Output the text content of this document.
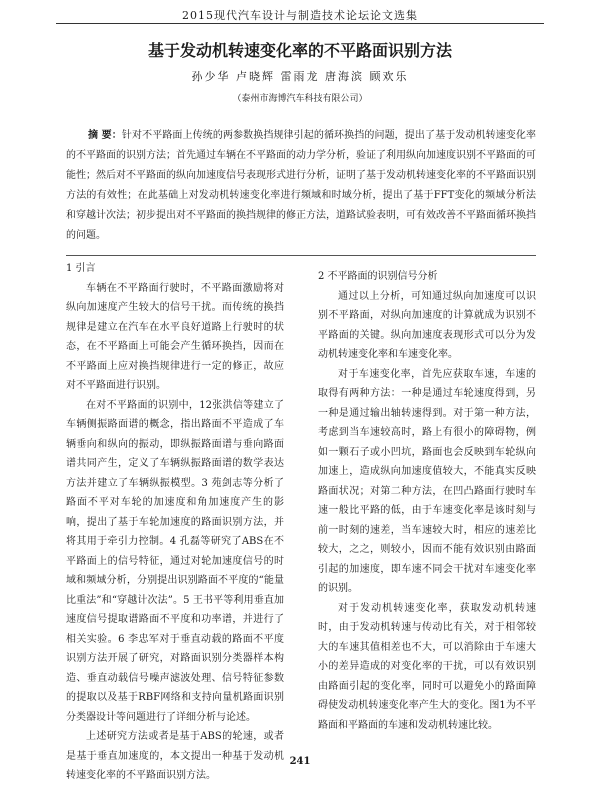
2015现代汽车设计与制造技术论坛论文选集
基于发动机转速变化率的不平路面识别方法
孙少华 卢晓辉 雷雨龙 唐海滨 顾欢乐
（泰州市海博汽车科技有限公司）
摘 要：针对不平路面上传统的两参数换挡规律引起的循环换挡的问题，提出了基于发动机转速变化率的不平路面的识别方法；首先通过车辆在不平路面的动力学分析，验证了利用纵向加速度识别不平路面的可能性；然后对不平路面的纵向加速度信号表现形式进行分析，证明了基于发动机转速变化率的不平路面识别方法的有效性；在此基础上对发动机转速变化率进行频域和时域分析，提出了基于FFT变化的频域分析法和穿越计次法；初步提出对不平路面的换挡规律的修正方法，道路试验表明，可有效改善不平路面循环换挡的问题。
1 引言

车辆在不平路面行驶时，不平路面激励将对纵向加速度产生较大的信号干扰。而传统的换挡规律是建立在汽车在水平良好道路上行驶时的状态，在不平路面上可能会产生循环换挡，因而在不平路面上应对换挡规律进行一定的修正，故应对不平路面进行识别。

在对不平路面的识别中，12张洪信等建立了车辆侧振路面谱的概念，指出路面不平造成了车辆垂向和纵向的振动，即纵振路面谱与垂向路面谱共同产生，定义了车辆纵振路面谱的数学表达方法并建立了车辆纵振模型。3 苑剑志等分析了路面不平对车轮的加速度和角加速度产生的影响，提出了基于车轮加速度的路面识别方法，并将其用于牵引力控制。4 孔磊等研究了ABS在不平路面上的信号特征，通过对轮加速度信号的时域和频域分析，分别提出识别路面不平度的“能量比重法”和“穿越计次法”。5 王书平等利用垂直加速度信号提取谱路面不平度和功率谱，并进行了相关实验。6 李忠军对于垂直动载的路面不平度识别方法开展了研究，对路面识别分类器样本构造、垂直动载信号噪声滤波处理、信号特征参数的提取以及基于RBF网络和支持向量机路面识别分类器设计等问题进行了详细分析与论述。

上述研究方法或者是基于ABS的轮速，或者是基于垂直加速度的，本文提出一种基于发动机转速变化率的不平路面识别方法。

2 不平路面的识别信号分析

通过以上分析，可知通过纵向加速度可以识别不平路面，对纵向加速度的计算就成为识别不平路面的关键。纵向加速度表现形式可以分为发动机转速变化率和车速变化率。

对于车速变化率，首先应获取车速，车速的取得有两种方法：一种是通过车轮速度得到，另一种是通过输出轴转速得到。对于第一种方法，考虑到当车速较高时，路上有很小的障碍物，例如一颗石子或小凹坑，路面也会反映到车轮纵向加速上，造成纵向加速度值较大，不能真实反映路面状况；对第二种方法，在凹凸路面行驶时车速一般比平路的低，由于车速变化率是该时刻与前一时刻的速差，当车速较大时，相应的速差比较大，之之，则较小，因而不能有效识别由路面引起的加速度，即车速不同会干扰对车速变化率的识别。

对于发动机转速变化率，获取发动机转速时，由于发动机转速与传动比有关，对于相邻较大的车速其值相差也不大，可以消除由于车速大小的差异造成的对变化率的干扰，可以有效识别由路面引起的变化率，同时可以避免小的路面障碍使发动机转速变化率产生大的变化。图1为不平路面和平路面的车速和发动机转速比较。

241
